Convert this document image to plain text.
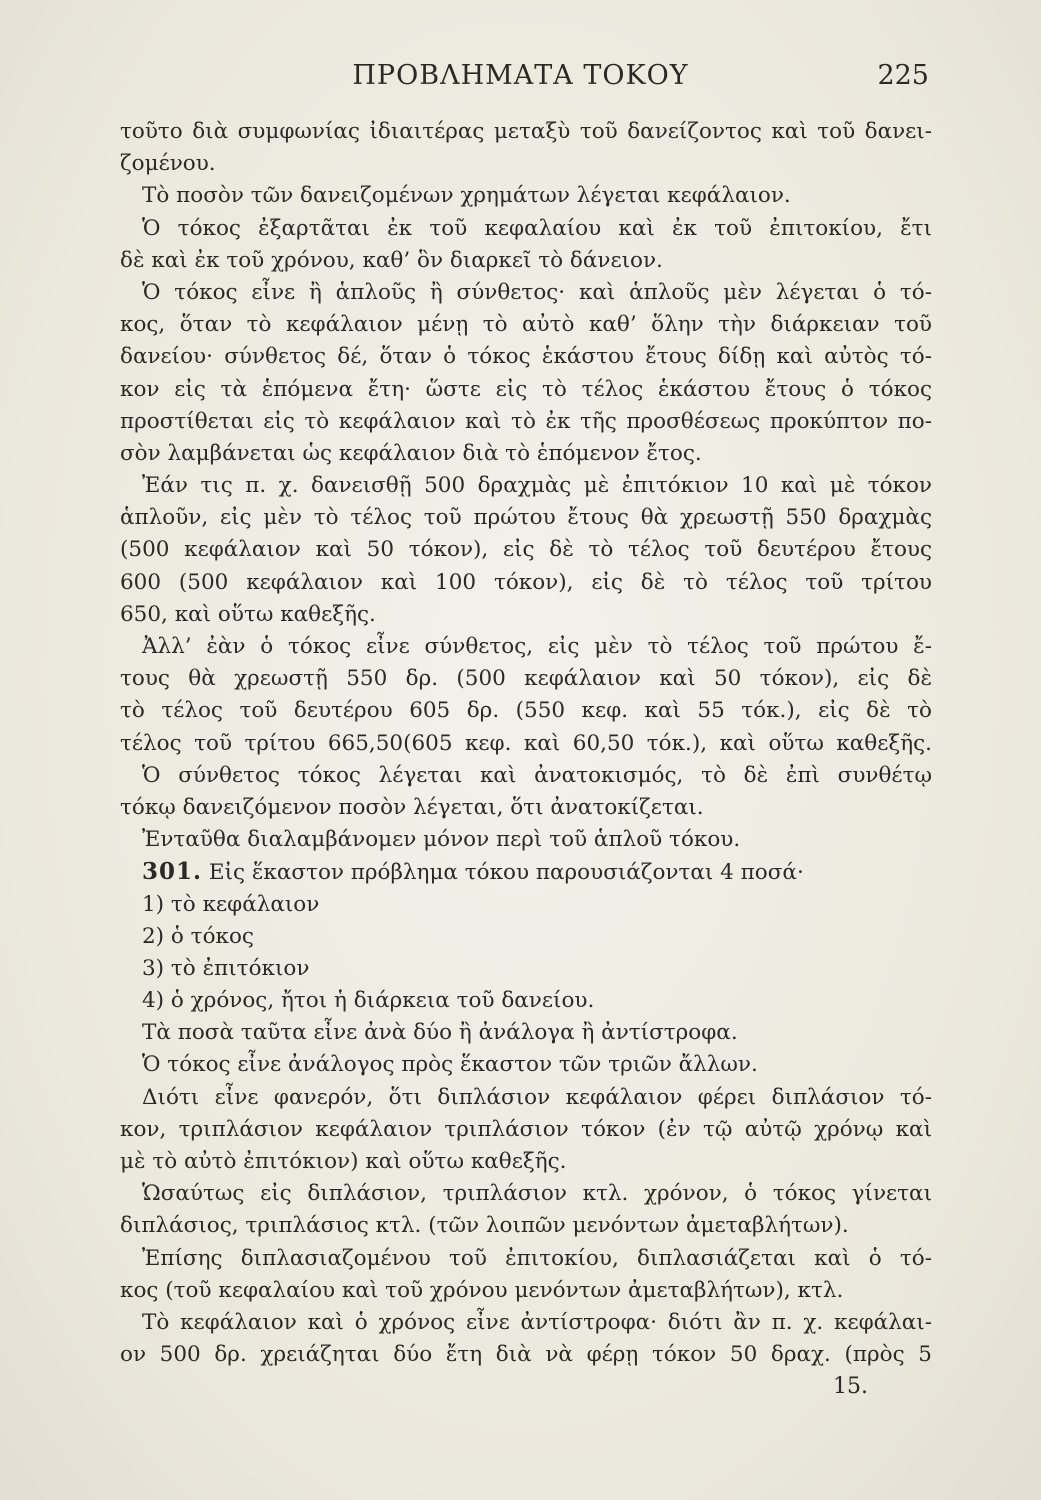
ΠΡΟΒΛΗΜΑΤΑ ΤΟΚΟΥ	225
τοῦτο διὰ συμφωνίας ἰδιαιτέρας μεταξὺ τοῦ δανείζοντος καὶ τοῦ δανει-
ζομένου.
Τὸ ποσὸν τῶν δανειζομένων χρημάτων λέγεται κεφάλαιον.
Ὁ τόκος ἐξαρτᾶται ἐκ τοῦ κεφαλαίου καὶ ἐκ τοῦ ἐπιτοκίου, ἔτι
δὲ καὶ ἐκ τοῦ χρόνου, καθ’ ὃν διαρκεῖ τὸ δάνειον.
Ὁ τόκος εἶνε ἢ ἁπλοῦς ἢ σύνθετος· καὶ ἁπλοῦς μὲν λέγεται ὁ τό-
κος, ὅταν τὸ κεφάλαιον μένῃ τὸ αὐτὸ καθ’ ὅλην τὴν διάρκειαν τοῦ
δανείου· σύνθετος δέ, ὅταν ὁ τόκος ἑκάστου ἔτους δίδῃ καὶ αὐτὸς τό-
κον εἰς τὰ ἑπόμενα ἔτη· ὥστε εἰς τὸ τέλος ἑκάστου ἔτους ὁ τόκος
προστίθεται εἰς τὸ κεφάλαιον καὶ τὸ ἐκ τῆς προσθέσεως προκύπτον πο-
σὸν λαμβάνεται ὡς κεφάλαιον διὰ τὸ ἑπόμενον ἔτος.
Ἐάν τις π. χ. δανεισθῇ 500 δραχμὰς μὲ ἐπιτόκιον 10 καὶ μὲ τόκον
ἁπλοῦν, εἰς μὲν τὸ τέλος τοῦ πρώτου ἔτους θὰ χρεωστῇ 550 δραχμὰς
(500 κεφάλαιον καὶ 50 τόκον), εἰς δὲ τὸ τέλος τοῦ δευτέρου ἔτους
600 (500 κεφάλαιον καὶ 100 τόκον), εἰς δὲ τὸ τέλος τοῦ τρίτου
650, καὶ οὕτω καθεξῆς.
Ἀλλ’ ἐὰν ὁ τόκος εἶνε σύνθετος, εἰς μὲν τὸ τέλος τοῦ πρώτου ἔ-
τους θὰ χρεωστῇ 550 δρ. (500 κεφάλαιον καὶ 50 τόκον), εἰς δὲ
τὸ τέλος τοῦ δευτέρου 605 δρ. (550 κεφ. καὶ 55 τόκ.), εἰς δὲ τὸ
τέλος τοῦ τρίτου 665,50(605 κεφ. καὶ 60,50 τόκ.), καὶ οὕτω καθεξῆς.
Ὁ σύνθετος τόκος λέγεται καὶ ἀνατοκισμός, τὸ δὲ ἐπὶ συνθέτῳ
τόκῳ δανειζόμενον ποσὸν λέγεται, ὅτι ἀνατοκίζεται.
Ἐνταῦθα διαλαμβάνομεν μόνον περὶ τοῦ ἁπλοῦ τόκου.
301. Εἰς ἕκαστον πρόβλημα τόκου παρουσιάζονται 4 ποσά·
1) τὸ κεφάλαιον
2) ὁ τόκος
3) τὸ ἐπιτόκιον
4) ὁ χρόνος, ἤτοι ἡ διάρκεια τοῦ δανείου.
Τὰ ποσὰ ταῦτα εἶνε ἀνὰ δύο ἢ ἀνάλογα ἢ ἀντίστροφα.
Ὁ τόκος εἶνε ἀνάλογος πρὸς ἕκαστον τῶν τριῶν ἄλλων.
Διότι εἶνε φανερόν, ὅτι διπλάσιον κεφάλαιον φέρει διπλάσιον τό-
κον, τριπλάσιον κεφάλαιον τριπλάσιον τόκον (ἐν τῷ αὐτῷ χρόνῳ καὶ
μὲ τὸ αὐτὸ ἐπιτόκιον) καὶ οὕτω καθεξῆς.
Ὡσαύτως εἰς διπλάσιον, τριπλάσιον κτλ. χρόνον, ὁ τόκος γίνεται
διπλάσιος, τριπλάσιος κτλ. (τῶν λοιπῶν μενόντων ἀμεταβλήτων).
Ἐπίσης διπλασιαζομένου τοῦ ἐπιτοκίου, διπλασιάζεται καὶ ὁ τό-
κος (τοῦ κεφαλαίου καὶ τοῦ χρόνου μενόντων ἀμεταβλήτων), κτλ.
Τὸ κεφάλαιον καὶ ὁ χρόνος εἶνε ἀντίστροφα· διότι ἂν π. χ. κεφάλαι-
ον 500 δρ. χρειάζηται δύο ἔτη διὰ νὰ φέρῃ τόκον 50 δραχ. (πρὸς 5
15.
